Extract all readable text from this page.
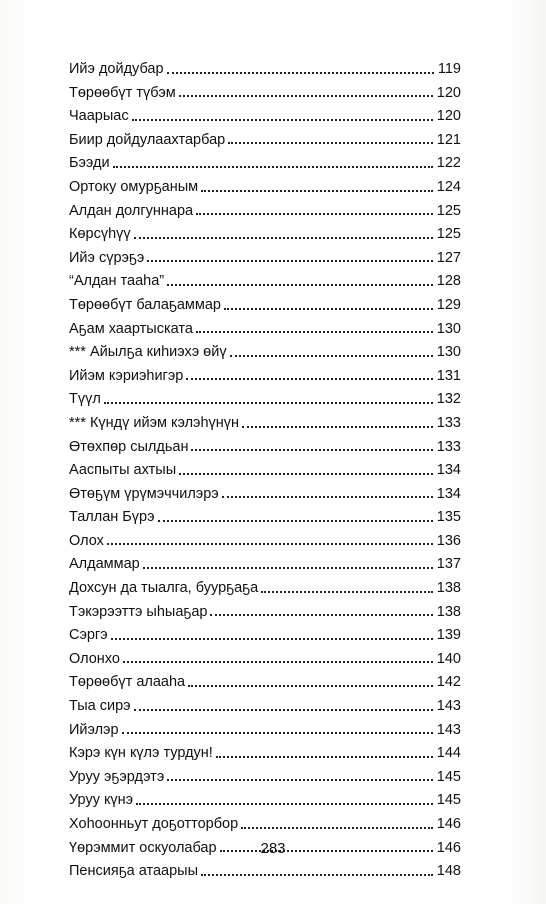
Ийэ дойдубар	119
Төрөөбүт түбэм	120
Чаарыас	120
Биир дойдулаахтарбар	121
Бээди	122
Ортоку омурҕаным	124
Алдан долгуннара	125
Көрсүһүү	125
Ийэ сүрэҕэ	127
“Алдан тааһа”	128
Төрөөбүт балаҕаммар	129
Аҕам хаартыската	130
*** Айылҕа киһиэхэ өйү	130
Ийэм кэриэһигэр	131
Түүл	132
*** Күндү ийэм кэлэһүнүн	133
Өтөхпөр сылдьан	133
Ааспыты ахтыы	134
Өтөҕүм үрүмэччилэрэ	134
Таллан Бүрэ	135
Олох	136
Алдаммар	137
Дохсун да тыалга, буурҕаҕа	138
Тэкэрээттэ ыһыаҕар	138
Сэргэ	139
Олонхо	140
Төрөөбүт алааһа	142
Тыа сирэ	143
Ийэлэр	143
Кэрэ күн күлэ турдун!	144
Уруу эҕэрдэтэ	145
Уруу күнэ	145
Хоһоонньут доҕотторбор	146
Үөрэммит оскуолабар	146
Пенсияҕа атаарыы	148
283
